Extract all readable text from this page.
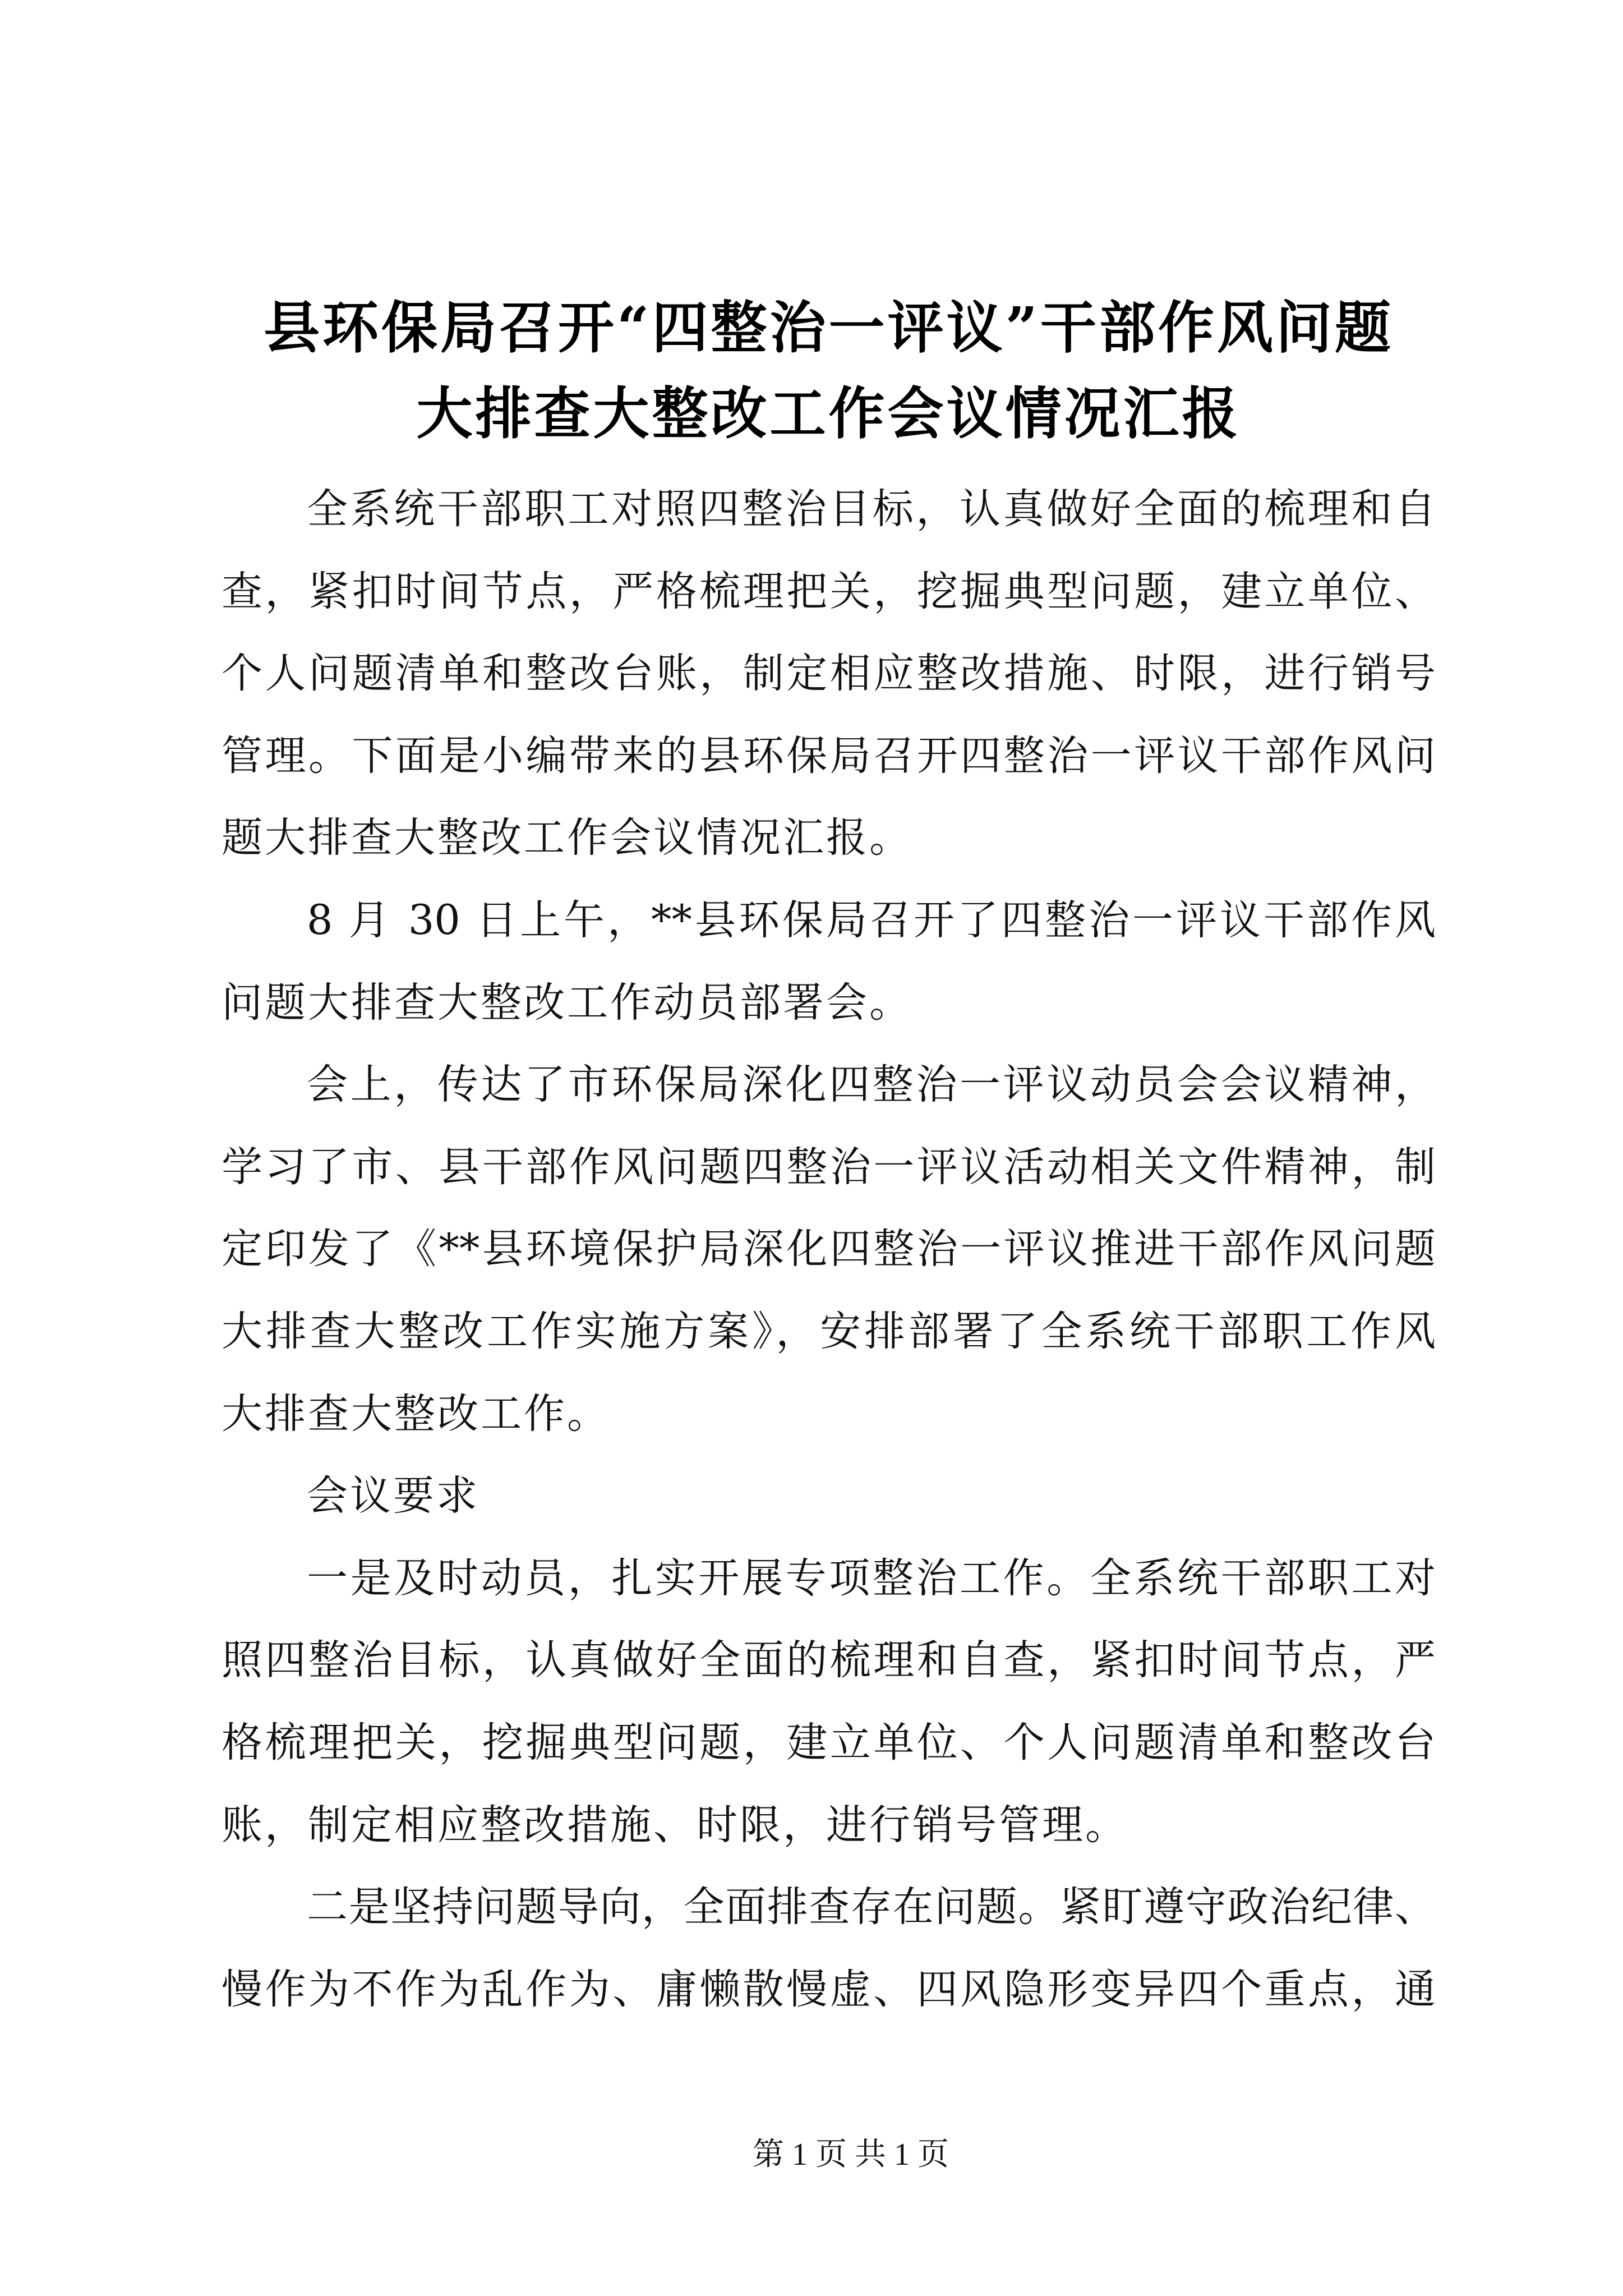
县环保局召开“四整治一评议”干部作风问题
大排查大整改工作会议情况汇报
全系统干部职工对照四整治目标，认真做好全面的梳理和自
查，紧扣时间节点，严格梳理把关，挖掘典型问题，建立单位、
个人问题清单和整改台账，制定相应整改措施、时限，进行销号
管理。下面是小编带来的县环保局召开四整治一评议干部作风问
题大排查大整改工作会议情况汇报。
8 月 30 日上午，**县环保局召开了四整治一评议干部作风
问题大排查大整改工作动员部署会。
会上，传达了市环保局深化四整治一评议动员会会议精神，
学习了市、县干部作风问题四整治一评议活动相关文件精神，制
定印发了《**县环境保护局深化四整治一评议推进干部作风问题
大排查大整改工作实施方案》，安排部署了全系统干部职工作风
大排查大整改工作。
会议要求
一是及时动员，扎实开展专项整治工作。全系统干部职工对
照四整治目标，认真做好全面的梳理和自查，紧扣时间节点，严
格梳理把关，挖掘典型问题，建立单位、个人问题清单和整改台
账，制定相应整改措施、时限，进行销号管理。
二是坚持问题导向，全面排查存在问题。紧盯遵守政治纪律、
慢作为不作为乱作为、庸懒散慢虚、四风隐形变异四个重点，通
第 1 页 共 1 页
